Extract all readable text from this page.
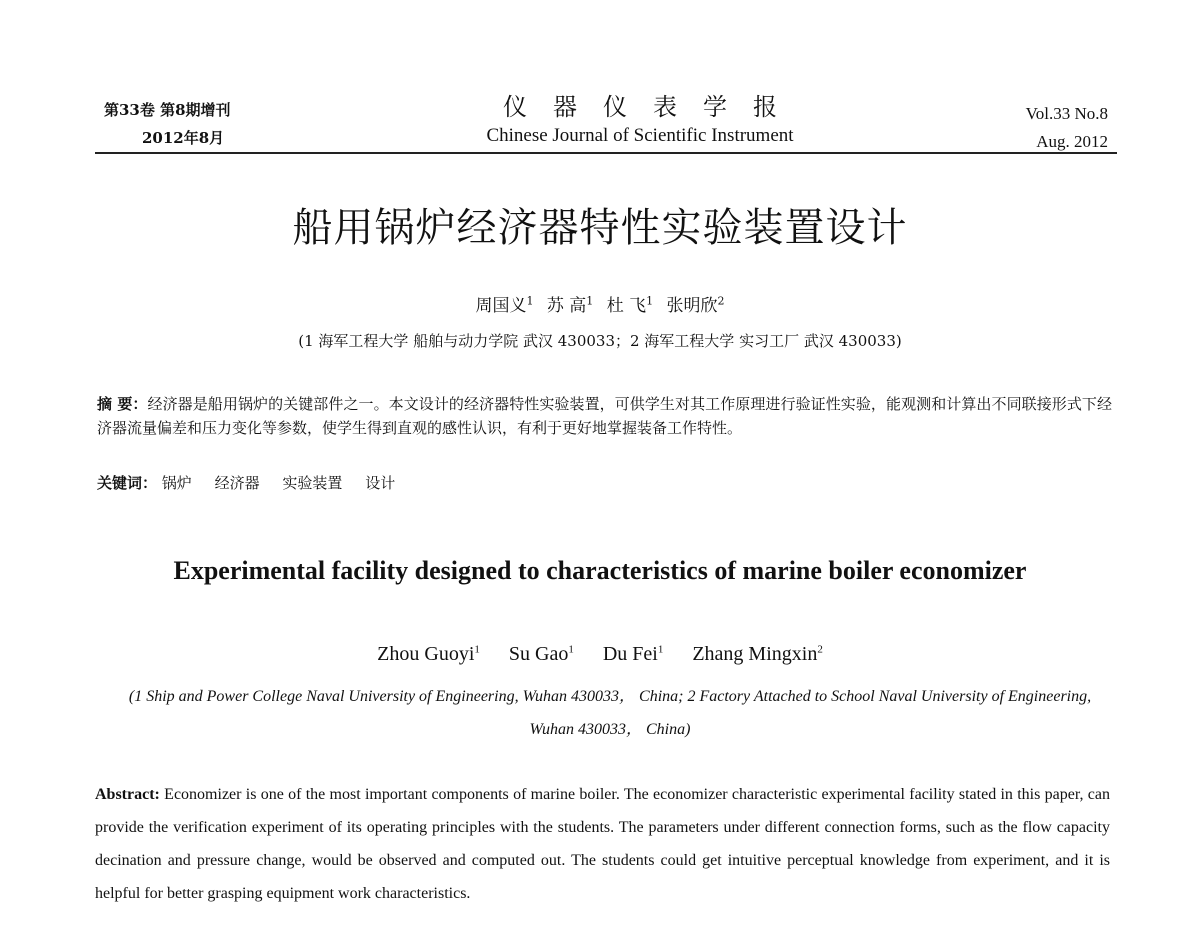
第33卷 第8期增刊
2012年8月
仪器仪表学报
Chinese Journal of Scientific Instrument
Vol.33 No.8
Aug. 2012
船用锅炉经济器特性实验装置设计
周国义$^1$ 苏 高$^1$ 杜 飞$^1$ 张明欣$^2$
(1 海军工程大学 船舶与动力学院 武汉 430033；2 海军工程大学 实习工厂 武汉 430033)
摘 要：经济器是船用锅炉的关键部件之一。本文设计的经济器特性实验装置，可供学生对其工作原理进行验证性实验，能观测和计算出不同联接形式下经济器流量偏差和压力变化等参数，使学生得到直观的感性认识，有利于更好地掌握装备工作特性。
关键词： 锅炉 经济器 实验装置 设计
Experimental facility designed to characteristics of marine boiler economizer
Zhou Guoyi$^1$ Su Gao$^1$ Du Fei$^1$ Zhang Mingxin$^2$
(1 Ship and Power College Naval University of Engineering, Wuhan 430033， China; 2 Factory Attached to School Naval University of Engineering, Wuhan 430033， China)
Abstract: Economizer is one of the most important components of marine boiler. The economizer characteristic experimental facility stated in this paper, can provide the verification experiment of its operating principles with the students. The parameters under different connection forms, such as the flow capacity decination and pressure change, would be observed and computed out. The students could get intuitive perceptual knowledge from experiment, and it is helpful for better grasping equipment work characteristics.
